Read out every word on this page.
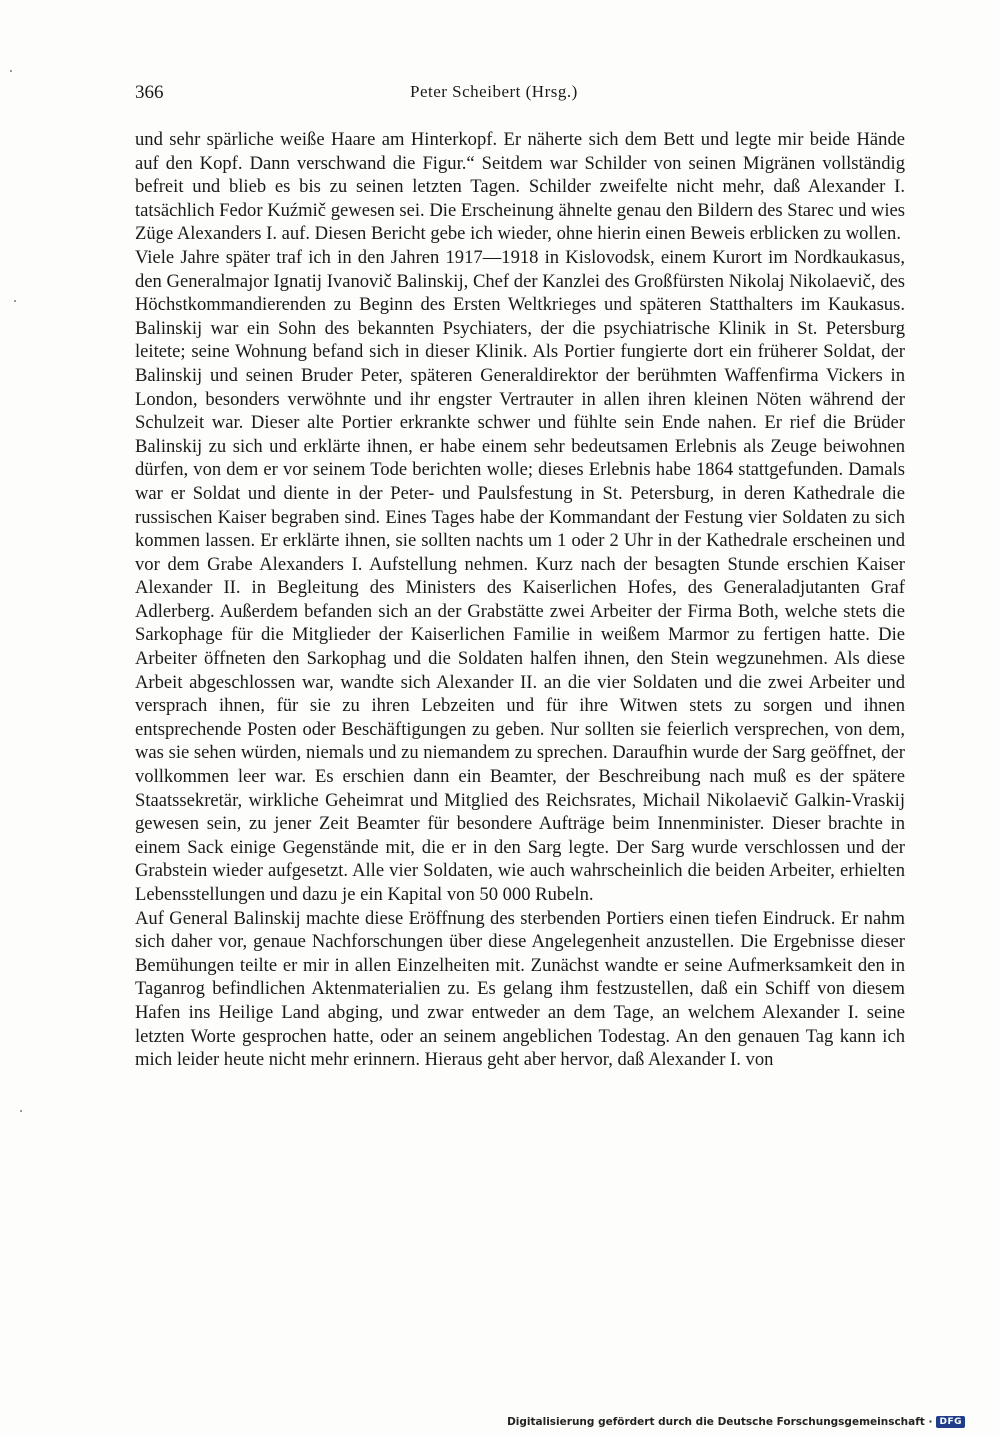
366	Peter Scheibert (Hrsg.)

und sehr spärliche weiße Haare am Hinterkopf. Er näherte sich dem Bett und legte mir beide Hände auf den Kopf. Dann verschwand die Figur.“ Seitdem war Schilder von seinen Migränen vollständig befreit und blieb es bis zu seinen letzten Tagen. Schilder zweifelte nicht mehr, daß Alexander I. tatsächlich Fedor Kuźmič gewesen sei. Die Erscheinung ähnelte genau den Bildern des Starec und wies Züge Alexanders I. auf. Diesen Bericht gebe ich wieder, ohne hierin einen Beweis erblicken zu wollen.

Viele Jahre später traf ich in den Jahren 1917—1918 in Kislovodsk, einem Kurort im Nordkaukasus, den Generalmajor Ignatij Ivanovič Balinskij, Chef der Kanzlei des Großfürsten Nikolaj Nikolaevič, des Höchstkommandierenden zu Beginn des Ersten Weltkrieges und späteren Statthalters im Kaukasus. Balinskij war ein Sohn des bekannten Psychiaters, der die psychiatrische Klinik in St. Petersburg leitete; seine Wohnung befand sich in dieser Klinik. Als Portier fungierte dort ein früherer Soldat, der Balinskij und seinen Bruder Peter, späteren Generaldirektor der berühmten Waffenfirma Vickers in London, besonders verwöhnte und ihr engster Vertrauter in allen ihren kleinen Nöten während der Schulzeit war. Dieser alte Portier erkrankte schwer und fühlte sein Ende nahen. Er rief die Brüder Balinskij zu sich und erklärte ihnen, er habe einem sehr bedeutsamen Erlebnis als Zeuge beiwohnen dürfen, von dem er vor seinem Tode berichten wolle; dieses Erlebnis habe 1864 stattgefunden. Damals war er Soldat und diente in der Peter- und Paulsfestung in St. Petersburg, in deren Kathedrale die russischen Kaiser begraben sind. Eines Tages habe der Kommandant der Festung vier Soldaten zu sich kommen lassen. Er erklärte ihnen, sie sollten nachts um 1 oder 2 Uhr in der Kathedrale erscheinen und vor dem Grabe Alexanders I. Aufstellung nehmen. Kurz nach der besagten Stunde erschien Kaiser Alexander II. in Begleitung des Ministers des Kaiserlichen Hofes, des Generaladjutanten Graf Adlerberg. Außerdem befanden sich an der Grabstätte zwei Arbeiter der Firma Both, welche stets die Sarkophage für die Mitglieder der Kaiserlichen Familie in weißem Marmor zu fertigen hatte. Die Arbeiter öffneten den Sarkophag und die Soldaten halfen ihnen, den Stein wegzunehmen. Als diese Arbeit abgeschlossen war, wandte sich Alexander II. an die vier Soldaten und die zwei Arbeiter und versprach ihnen, für sie zu ihren Lebzeiten und für ihre Witwen stets zu sorgen und ihnen entsprechende Posten oder Beschäftigungen zu geben. Nur sollten sie feierlich versprechen, von dem, was sie sehen würden, niemals und zu niemandem zu sprechen. Daraufhin wurde der Sarg geöffnet, der vollkommen leer war. Es erschien dann ein Beamter, der Beschreibung nach muß es der spätere Staatssekretär, wirkliche Geheimrat und Mitglied des Reichsrates, Michail Nikolaevič Galkin-Vraskij gewesen sein, zu jener Zeit Beamter für besondere Aufträge beim Innenminister. Dieser brachte in einem Sack einige Gegenstände mit, die er in den Sarg legte. Der Sarg wurde verschlossen und der Grabstein wieder aufgesetzt. Alle vier Soldaten, wie auch wahrscheinlich die beiden Arbeiter, erhielten Lebensstellungen und dazu je ein Kapital von 50 000 Rubeln.

Auf General Balinskij machte diese Eröffnung des sterbenden Portiers einen tiefen Eindruck. Er nahm sich daher vor, genaue Nachforschungen über diese Angelegenheit anzustellen. Die Ergebnisse dieser Bemühungen teilte er mir in allen Einzelheiten mit. Zunächst wandte er seine Aufmerksamkeit den in Taganrog befindlichen Aktenmaterialien zu. Es gelang ihm festzustellen, daß ein Schiff von diesem Hafen ins Heilige Land abging, und zwar entweder an dem Tage, an welchem Alexander I. seine letzten Worte gesprochen hatte, oder an seinem angeblichen Todestag. An den genauen Tag kann ich mich leider heute nicht mehr erinnern. Hieraus geht aber hervor, daß Alexander I. von

Digitalisierung gefördert durch die Deutsche Forschungsgemeinschaft · DFG
